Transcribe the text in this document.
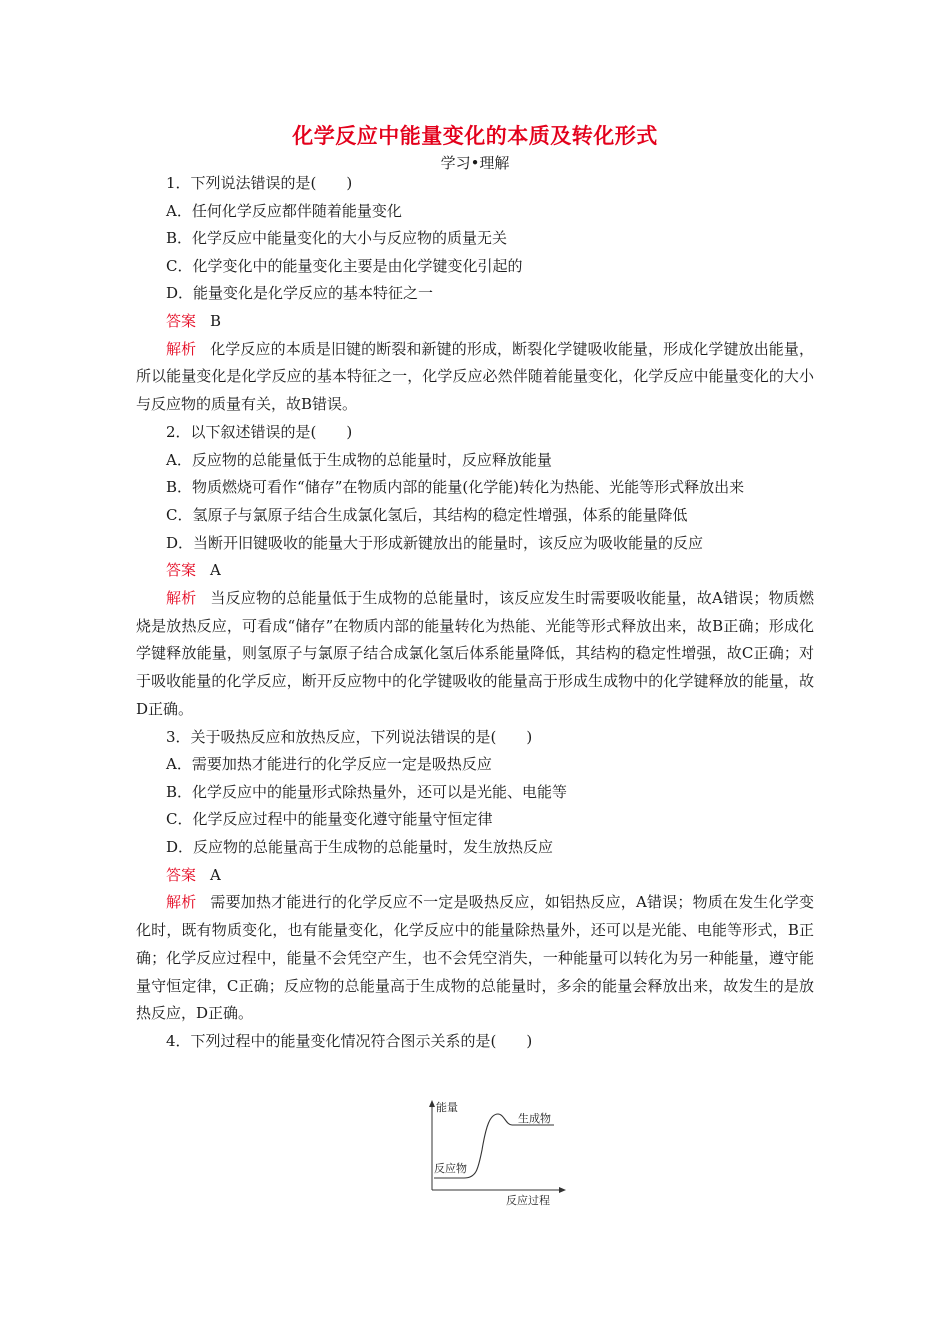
化学反应中能量变化的本质及转化形式
学习•理解

1．下列说法错误的是(　　)

A．任何化学反应都伴随着能量变化

B．化学反应中能量变化的大小与反应物的质量无关

C．化学变化中的能量变化主要是由化学键变化引起的

D．能量变化是化学反应的基本特征之一

答案 B

解析 化学反应的本质是旧键的断裂和新键的形成，断裂化学键吸收能量，形成化学键放出能量，所以能量变化是化学反应的基本特征之一，化学反应必然伴随着能量变化，化学反应中能量变化的大小与反应物的质量有关，故B错误。

2．以下叙述错误的是(　　)

A．反应物的总能量低于生成物的总能量时，反应释放能量

B．物质燃烧可看作“储存”在物质内部的能量(化学能)转化为热能、光能等形式释放出来

C．氢原子与氯原子结合生成氯化氢后，其结构的稳定性增强，体系的能量降低

D．当断开旧键吸收的能量大于形成新键放出的能量时，该反应为吸收能量的反应

答案 A

解析 当反应物的总能量低于生成物的总能量时，该反应发生时需要吸收能量，故A错误；物质燃烧是放热反应，可看成“储存”在物质内部的能量转化为热能、光能等形式释放出来，故B正确；形成化学键释放能量，则氢原子与氯原子结合成氯化氢后体系能量降低，其结构的稳定性增强，故C正确；对于吸收能量的化学反应，断开反应物中的化学键吸收的能量高于形成生成物中的化学键释放的能量，故D正确。

3．关于吸热反应和放热反应，下列说法错误的是(　　)

A．需要加热才能进行的化学反应一定是吸热反应

B．化学反应中的能量形式除热量外，还可以是光能、电能等

C．化学反应过程中的能量变化遵守能量守恒定律

D．反应物的总能量高于生成物的总能量时，发生放热反应

答案 A

解析 需要加热才能进行的化学反应不一定是吸热反应，如铝热反应，A错误；物质在发生化学变化时，既有物质变化，也有能量变化，化学反应中的能量除热量外，还可以是光能、电能等形式，B正确；化学反应过程中，能量不会凭空产生，也不会凭空消失，一种能量可以转化为另一种能量，遵守能量守恒定律，C正确；反应物的总能量高于生成物的总能量时，多余的能量会释放出来，故发生的是放热反应，D正确。

4．下列过程中的能量变化情况符合图示关系的是(　　)

能量
生成物
反应物
反应过程
